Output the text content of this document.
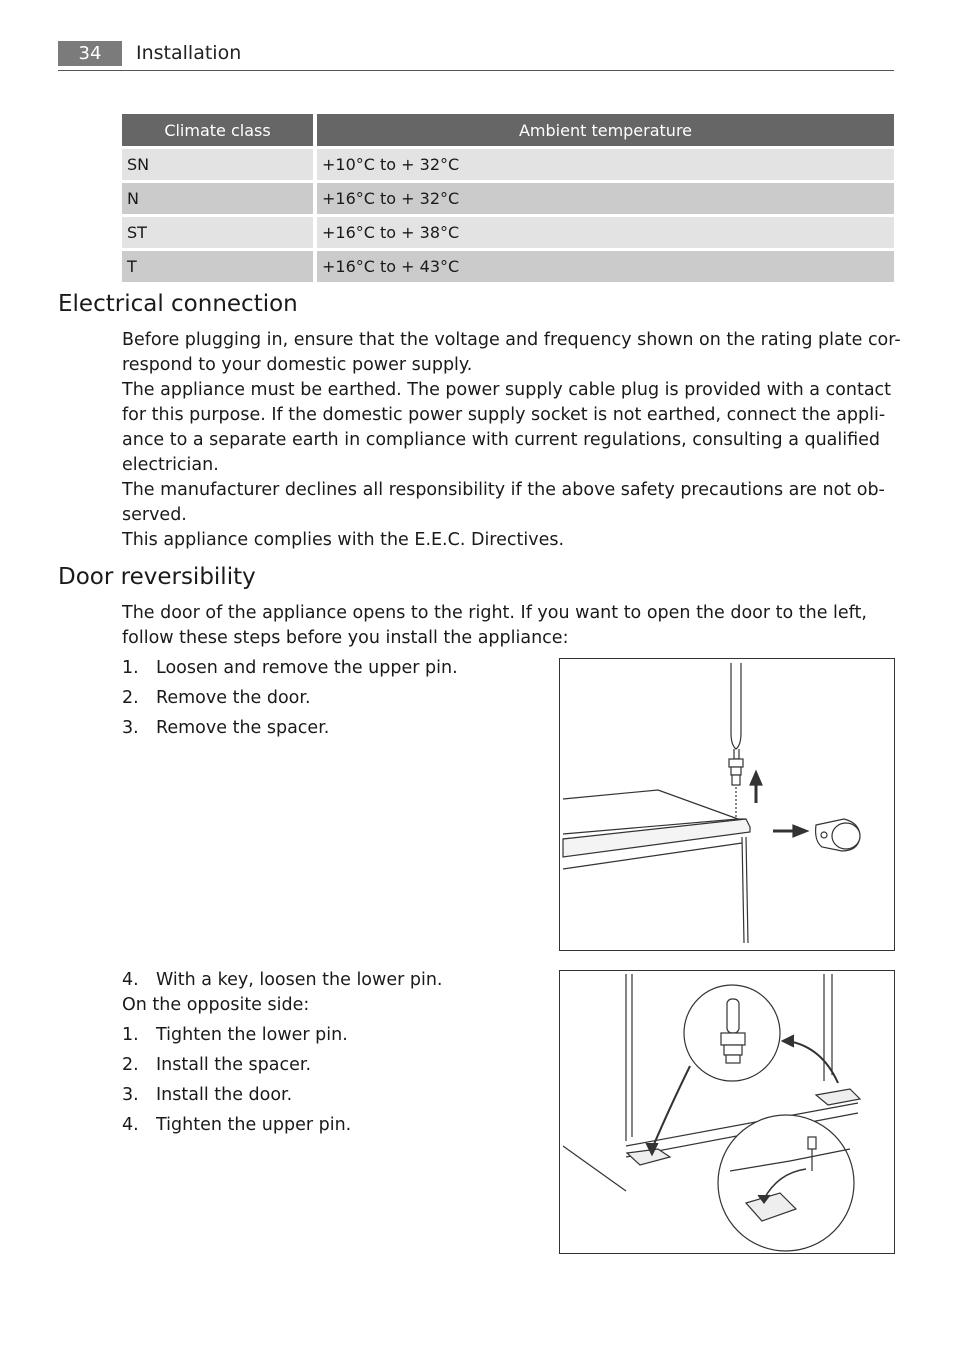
34	Installation
Climate class	Ambient temperature
SN	+10°C to + 32°C
N	+16°C to + 32°C
ST	+16°C to + 38°C
T	+16°C to + 43°C
Electrical connection
Before plugging in, ensure that the voltage and frequency shown on the rating plate cor-respond to your domestic power supply.
The appliance must be earthed. The power supply cable plug is provided with a contact for this purpose. If the domestic power supply socket is not earthed, connect the appli-ance to a separate earth in compliance with current regulations, consulting a qualified electrician.
The manufacturer declines all responsibility if the above safety precautions are not ob-served.
This appliance complies with the E.E.C. Directives.
Door reversibility
The door of the appliance opens to the right. If you want to open the door to the left, follow these steps before you install the appliance:
1. Loosen and remove the upper pin.
2. Remove the door.
3. Remove the spacer.
4. With a key, loosen the lower pin.
On the opposite side:
1. Tighten the lower pin.
2. Install the spacer.
3. Install the door.
4. Tighten the upper pin.
